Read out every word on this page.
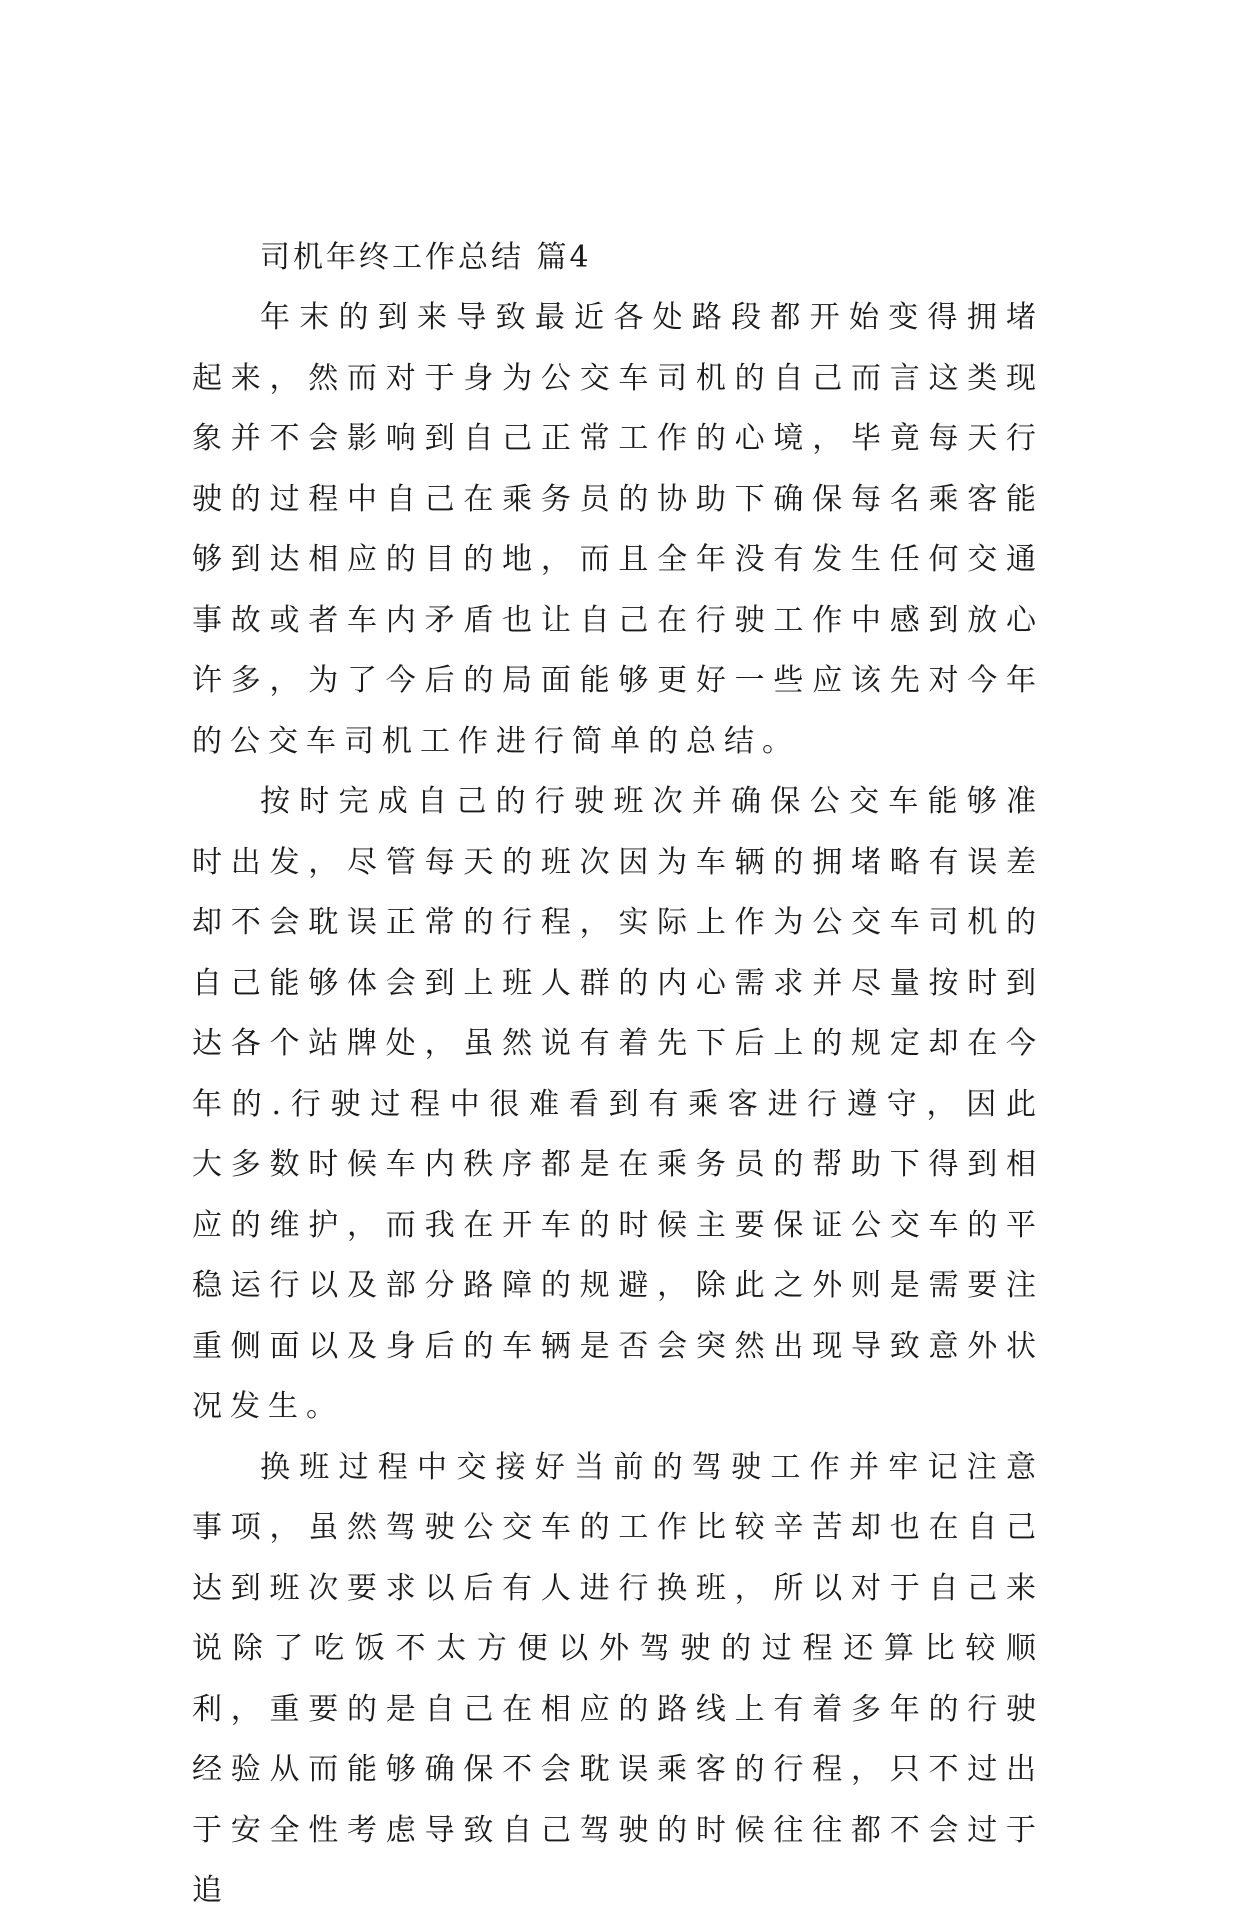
司机年终工作总结 篇4

年末的到来导致最近各处路段都开始变得拥堵起来，然而对于身为公交车司机的自己而言这类现象并不会影响到自己正常工作的心境，毕竟每天行驶的过程中自己在乘务员的协助下确保每名乘客能够到达相应的目的地，而且全年没有发生任何交通事故或者车内矛盾也让自己在行驶工作中感到放心许多，为了今后的局面能够更好一些应该先对今年的公交车司机工作进行简单的总结。

按时完成自己的行驶班次并确保公交车能够准时出发，尽管每天的班次因为车辆的拥堵略有误差却不会耽误正常的行程，实际上作为公交车司机的自己能够体会到上班人群的内心需求并尽量按时到达各个站牌处，虽然说有着先下后上的规定却在今年的.行驶过程中很难看到有乘客进行遵守，因此大多数时候车内秩序都是在乘务员的帮助下得到相应的维护，而我在开车的时候主要保证公交车的平稳运行以及部分路障的规避，除此之外则是需要注重侧面以及身后的车辆是否会突然出现导致意外状况发生。

换班过程中交接好当前的驾驶工作并牢记注意事项，虽然驾驶公交车的工作比较辛苦却也在自己达到班次要求以后有人进行换班，所以对于自己来说除了吃饭不太方便以外驾驶的过程还算比较顺利，重要的是自己在相应的路线上有着多年的行驶经验从而能够确保不会耽误乘客的行程，只不过出于安全性考虑导致自己驾驶的时候往往都不会过于追
